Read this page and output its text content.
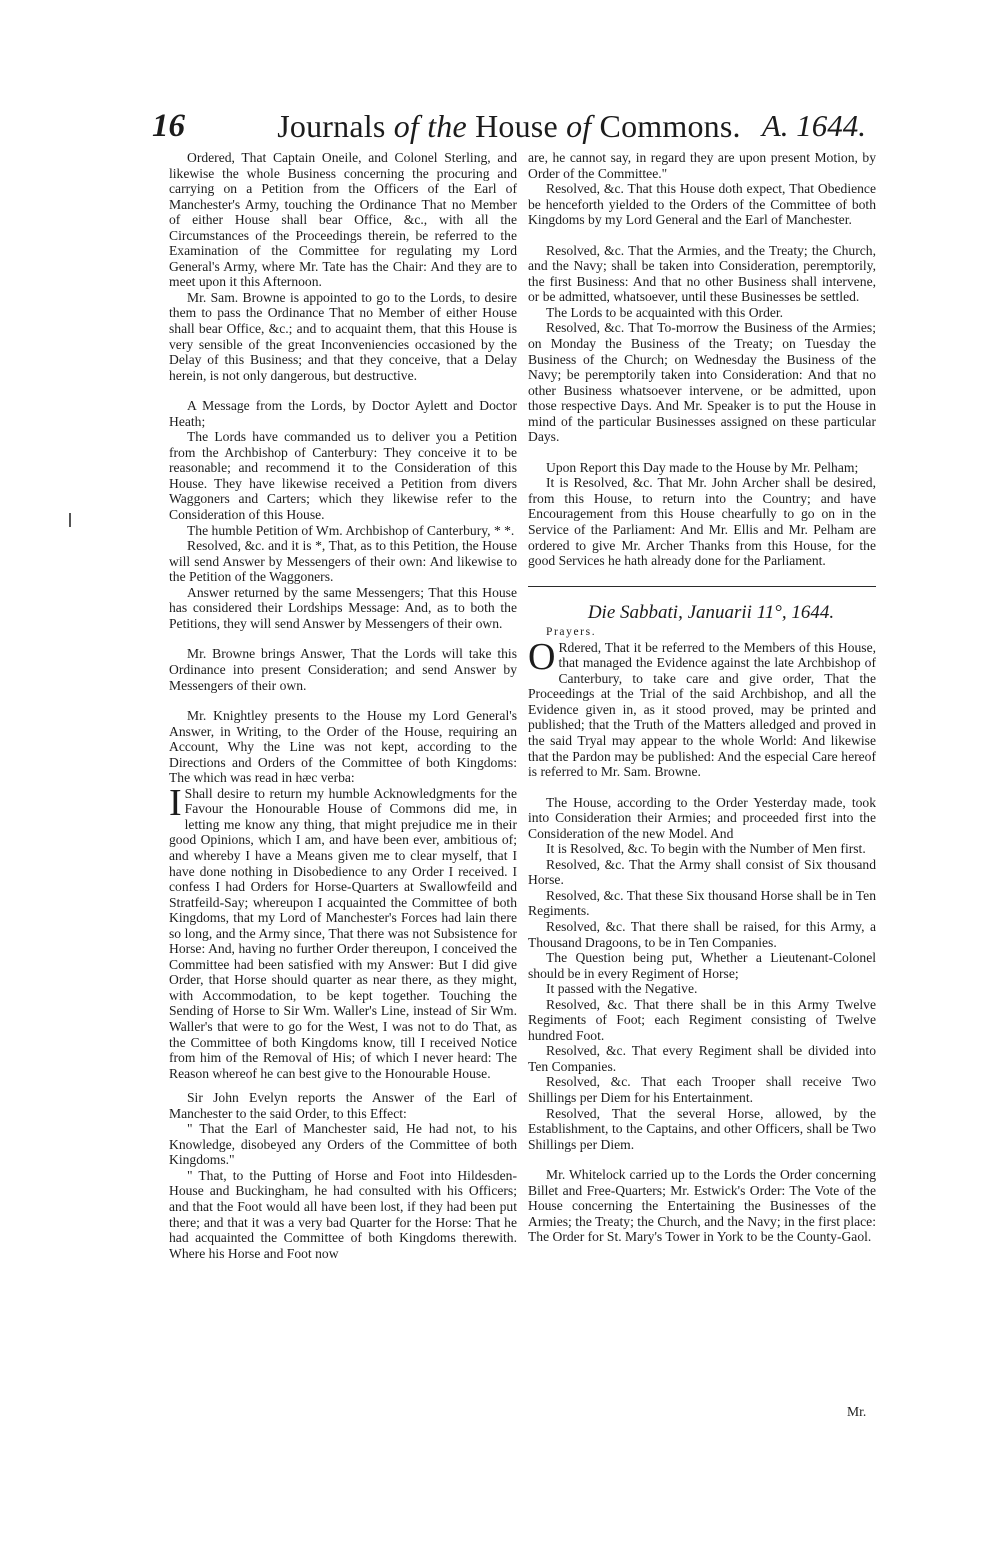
16	Journals of the House of Commons. A. 1644.

Ordered, That Captain Oneile, and Colonel Sterling, and likewise the whole Business concerning the procuring and carrying on a Petition from the Officers of the Earl of Manchester's Army, touching the Ordinance That no Member of either House shall bear Office, &c., with all the Circumstances of the Proceedings therein, be referred to the Examination of the Committee for regulating my Lord General's Army, where Mr. Tate has the Chair: And they are to meet upon it this Afternoon.

Mr. Sam. Browne is appointed to go to the Lords, to desire them to pass the Ordinance That no Member of either House shall bear Office, &c.; and to acquaint them, that this House is very sensible of the great Inconveniencies occasioned by the Delay of this Business; and that they conceive, that a Delay herein, is not only dangerous, but destructive.

A Message from the Lords, by Doctor Aylett and Doctor Heath;

The Lords have commanded us to deliver you a Petition from the Archbishop of Canterbury: They conceive it to be reasonable; and recommend it to the Consideration of this House. They have likewise received a Petition from divers Waggoners and Carters; which they likewise refer to the Consideration of this House.

The humble Petition of Wm. Archbishop of Canterbury, * *.

Resolved, &c. and it is *, That, as to this Petition, the House will send Answer by Messengers of their own: And likewise to the Petition of the Waggoners.

Answer returned by the same Messengers; That this House has considered their Lordships Message: And, as to both the Petitions, they will send Answer by Messengers of their own.

Mr. Browne brings Answer, That the Lords will take this Ordinance into present Consideration; and send Answer by Messengers of their own.

Mr. Knightley presents to the House my Lord General's Answer, in Writing, to the Order of the House, requiring an Account, Why the Line was not kept, according to the Directions and Orders of the Committee of both Kingdoms: The which was read in hæc verba:

I Shall desire to return my humble Acknowledgments for the Favour the Honourable House of Commons did me, in letting me know any thing, that might prejudice me in their good Opinions, which I am, and have been ever, ambitious of; and whereby I have a Means given me to clear myself, that I have done nothing in Disobedience to any Order I received. I confess I had Orders for Horse-Quarters at Swallowfeild and Stratfeild-Say; whereupon I acquainted the Committee of both Kingdoms, that my Lord of Manchester's Forces had lain there so long, and the Army since, That there was not Subsistence for Horse: And, having no further Order thereupon, I conceived the Committee had been satisfied with my Answer: But I did give Order, that Horse should quarter as near there, as they might, with Accommodation, to be kept together. Touching the Sending of Horse to Sir Wm. Waller's Line, instead of Sir Wm. Waller's that were to go for the West, I was not to do That, as the Committee of both Kingdoms know, till I received Notice from him of the Removal of His; of which I never heard: The Reason whereof he can best give to the Honourable House.

Sir John Evelyn reports the Answer of the Earl of Manchester to the said Order, to this Effect:

" That the Earl of Manchester said, He had not, to his Knowledge, disobeyed any Orders of the Committee of both Kingdoms."

" That, to the Putting of Horse and Foot into Hildesden-House and Buckingham, he had consulted with his Officers; and that the Foot would all have been lost, if they had been put there; and that it was a very bad Quarter for the Horse: That he had acquainted the Committee of both Kingdoms therewith. Where his Horse and Foot now

are, he cannot say, in regard they are upon present Motion, by Order of the Committee."

Resolved, &c. That this House doth expect, That Obedience be henceforth yielded to the Orders of the Committee of both Kingdoms by my Lord General and the Earl of Manchester.

Resolved, &c. That the Armies, and the Treaty; the Church, and the Navy; shall be taken into Consideration, peremptorily, the first Business: And that no other Business shall intervene, or be admitted, whatsoever, until these Businesses be settled.

The Lords to be acquainted with this Order.

Resolved, &c. That To-morrow the Business of the Armies; on Monday the Business of the Treaty; on Tuesday the Business of the Church; on Wednesday the Business of the Navy; be peremptorily taken into Consideration: And that no other Business whatsoever intervene, or be admitted, upon those respective Days. And Mr. Speaker is to put the House in mind of the particular Businesses assigned on these particular Days.

Upon Report this Day made to the House by Mr. Pelham;

It is Resolved, &c. That Mr. John Archer shall be desired, from this House, to return into the Country; and have Encouragement from this House chearfully to go on in the Service of the Parliament: And Mr. Ellis and Mr. Pelham are ordered to give Mr. Archer Thanks from this House, for the good Services he hath already done for the Parliament.

Die Sabbati, Januarii 11°, 1644.

Prayers.

O Rdered, That it be referred to the Members of this House, that managed the Evidence against the late Archbishop of Canterbury, to take care and give order, That the Proceedings at the Trial of the said Archbishop, and all the Evidence given in, as it stood proved, may be printed and published; that the Truth of the Matters alledged and proved in the said Tryal may appear to the whole World: And likewise that the Pardon may be published: And the especial Care hereof is referred to Mr. Sam. Browne.

The House, according to the Order Yesterday made, took into Consideration their Armies; and proceeded first into the Consideration of the new Model. And

It is Resolved, &c. To begin with the Number of Men first.

Resolved, &c. That the Army shall consist of Six thousand Horse.

Resolved, &c. That these Six thousand Horse shall be in Ten Regiments.

Resolved, &c. That there shall be raised, for this Army, a Thousand Dragoons, to be in Ten Companies.

The Question being put, Whether a Lieutenant-Colonel should be in every Regiment of Horse;

It passed with the Negative.

Resolved, &c. That there shall be in this Army Twelve Regiments of Foot; each Regiment consisting of Twelve hundred Foot.

Resolved, &c. That every Regiment shall be divided into Ten Companies.

Resolved, &c. That each Trooper shall receive Two Shillings per Diem for his Entertainment.

Resolved, That the several Horse, allowed, by the Establishment, to the Captains, and other Officers, shall be Two Shillings per Diem.

Mr. Whitelock carried up to the Lords the Order concerning Billet and Free-Quarters; Mr. Estwick's Order: The Vote of the House concerning the Entertaining the Businesses of the Armies; the Treaty; the Church, and the Navy; in the first place: The Order for St. Mary's Tower in York to be the County-Gaol.

Mr.
